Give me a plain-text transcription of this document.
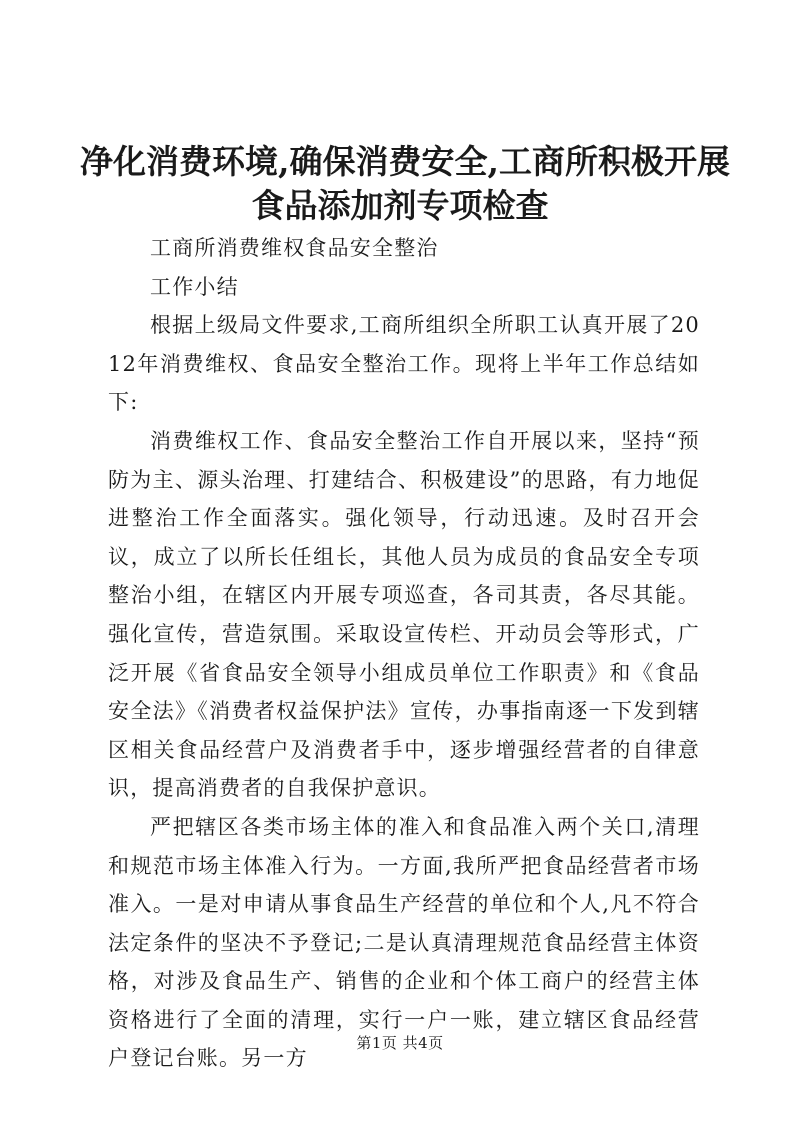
净化消费环境,确保消费安全,工商所积极开展
食品添加剂专项检查

工商所消费维权食品安全整治

工作小结

根据上级局文件要求,工商所组织全所职工认真开展了2012年消费维权、食品安全整治工作。现将上半年工作总结如下:

消费维权工作、食品安全整治工作自开展以来，坚持“预防为主、源头治理、打建结合、积极建设”的思路，有力地促进整治工作全面落实。强化领导，行动迅速。及时召开会议，成立了以所长任组长，其他人员为成员的食品安全专项整治小组，在辖区内开展专项巡查，各司其责，各尽其能。强化宣传，营造氛围。采取设宣传栏、开动员会等形式，广泛开展《省食品安全领导小组成员单位工作职责》和《食品安全法》《消费者权益保护法》宣传，办事指南逐一下发到辖区相关食品经营户及消费者手中，逐步增强经营者的自律意识，提高消费者的自我保护意识。

严把辖区各类市场主体的准入和食品准入两个关口,清理和规范市场主体准入行为。一方面,我所严把食品经营者市场准入。一是对申请从事食品生产经营的单位和个人,凡不符合法定条件的坚决不予登记;二是认真清理规范食品经营主体资格，对涉及食品生产、销售的企业和个体工商户的经营主体资格进行了全面的清理，实行一户一账，建立辖区食品经营户登记台账。另一方

第1页 共4页
